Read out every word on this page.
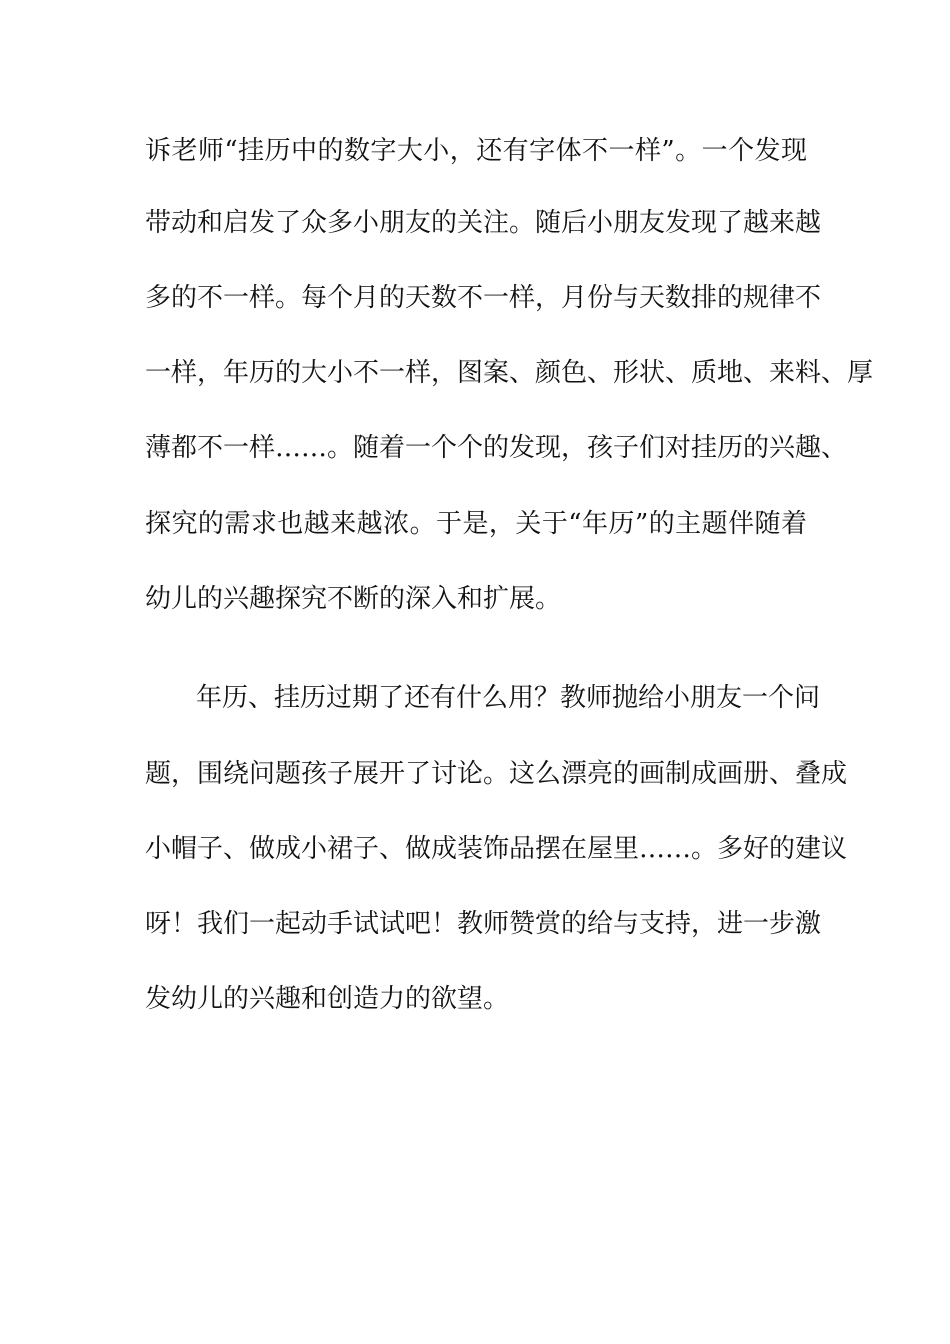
诉老师“挂历中的数字大小，还有字体不一样”。一个发现
带动和启发了众多小朋友的关注。随后小朋友发现了越来越
多的不一样。每个月的天数不一样，月份与天数排的规律不
一样，年历的大小不一样，图案、颜色、形状、质地、来料、厚
薄都不一样……。随着一个个的发现，孩子们对挂历的兴趣、
探究的需求也越来越浓。于是，关于“年历”的主题伴随着
幼儿的兴趣探究不断的深入和扩展。
年历、挂历过期了还有什么用？教师抛给小朋友一个问
题，围绕问题孩子展开了讨论。这么漂亮的画制成画册、叠成
小帽子、做成小裙子、做成装饰品摆在屋里……。多好的建议
呀！我们一起动手试试吧！教师赞赏的给与支持，进一步激
发幼儿的兴趣和创造力的欲望。
